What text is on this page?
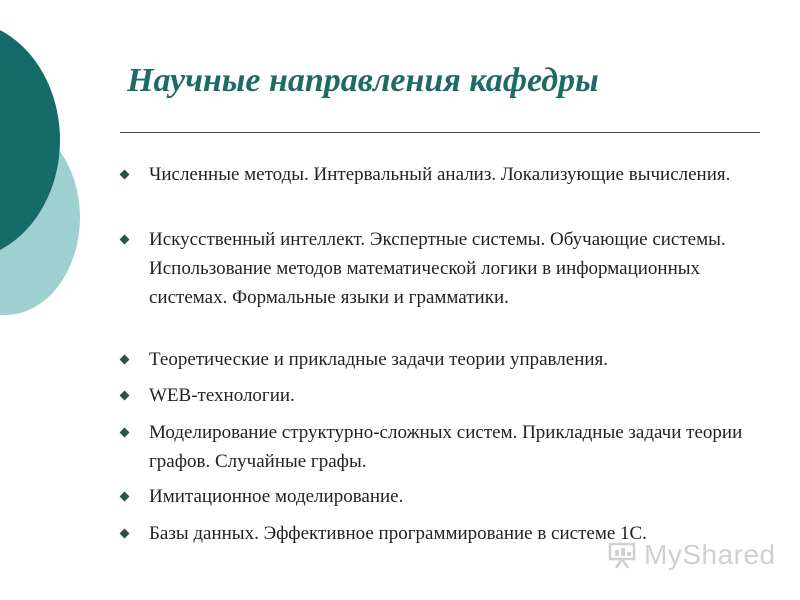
Научные направления кафедры

Численные методы. Интервальный анализ. Локализующие вычисления.

Искусственный интеллект. Экспертные системы. Обучающие системы. Использование методов математической логики в информационных системах. Формальные языки и грамматики.

Теоретические и прикладные задачи теории управления.

WEB-технологии.

Моделирование структурно-сложных систем. Прикладные задачи теории графов. Случайные графы.

Имитационное моделирование.

Базы данных. Эффективное программирование в системе 1С.

MyShared
